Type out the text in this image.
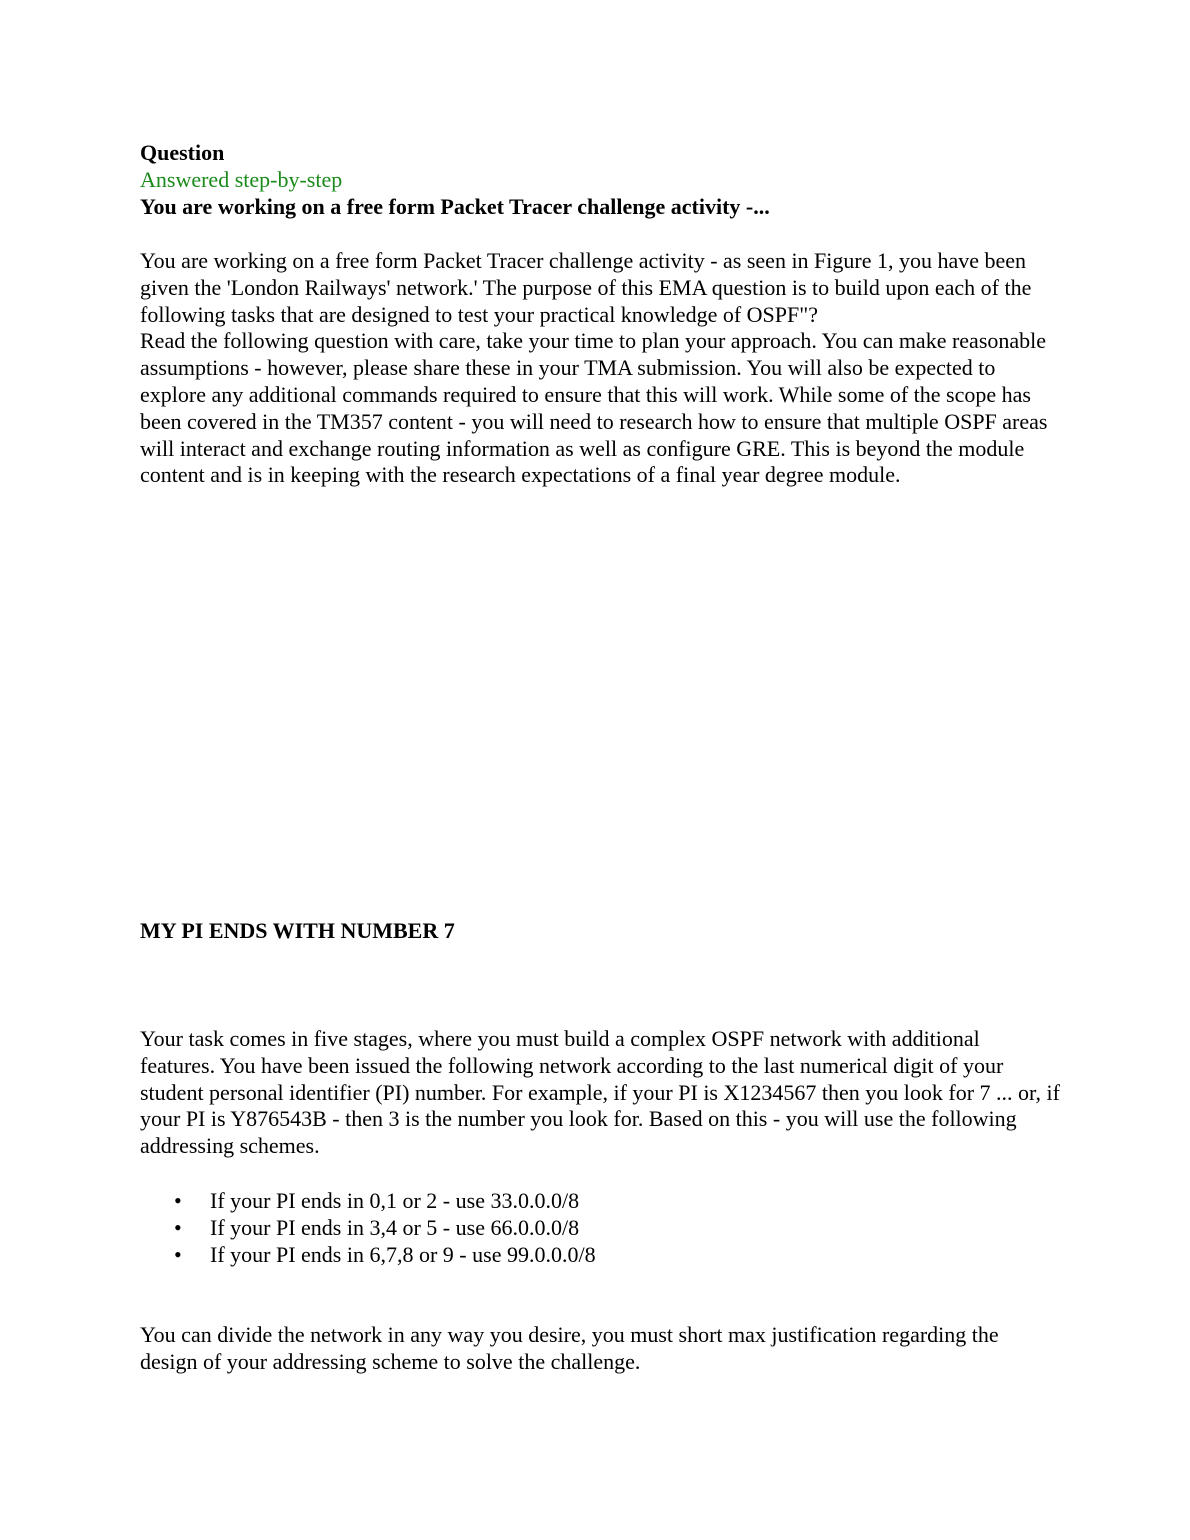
Question

Answered step-by-step

You are working on a free form Packet Tracer challenge activity -...

You are working on a free form Packet Tracer challenge activity - as seen in Figure 1, you have been given the 'London Railways' network.' The purpose of this EMA question is to build upon each of the following tasks that are designed to test your practical knowledge of OSPF"?

Read the following question with care, take your time to plan your approach. You can make reasonable assumptions - however, please share these in your TMA submission. You will also be expected to explore any additional commands required to ensure that this will work. While some of the scope has been covered in the TM357 content - you will need to research how to ensure that multiple OSPF areas will interact and exchange routing information as well as configure GRE. This is beyond the module content and is in keeping with the research expectations of a final year degree module.

MY PI ENDS WITH NUMBER 7

Your task comes in five stages, where you must build a complex OSPF network with additional features. You have been issued the following network according to the last numerical digit of your student personal identifier (PI) number. For example, if your PI is X1234567 then you look for 7 ... or, if your PI is Y876543B - then 3 is the number you look for. Based on this - you will use the following addressing schemes.

• If your PI ends in 0,1 or 2 - use 33.0.0.0/8
• If your PI ends in 3,4 or 5 - use 66.0.0.0/8
• If your PI ends in 6,7,8 or 9 - use 99.0.0.0/8

You can divide the network in any way you desire, you must short max justification regarding the design of your addressing scheme to solve the challenge.
